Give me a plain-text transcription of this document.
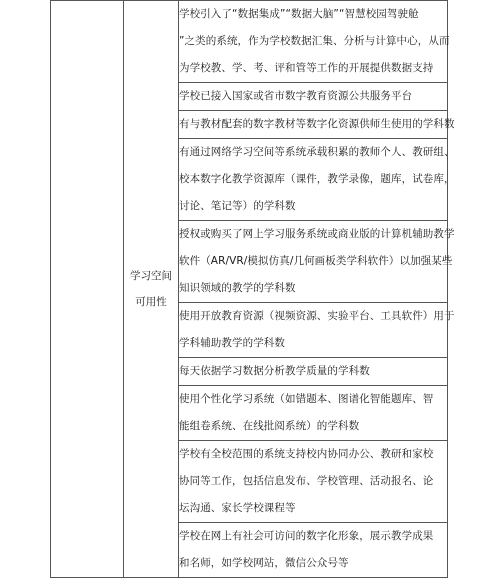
学习空间
可用性

学校引入了“数据集成”“数据大脑”“智慧校园驾驶舱
”之类的系统，作为学校数据汇集、分析与计算中心，从而
为学校教、学、考、评和管等工作的开展提供数据支持

学校已接入国家或省市数字教育资源公共服务平台

有与教材配套的数字教材等数字化资源供师生使用的学科数

有通过网络学习空间等系统承载积累的教师个人、教研组、
校本数字化教学资源库（课件，教学录像，题库，试卷库，
讨论、笔记等）的学科数

授权或购买了网上学习服务系统或商业版的计算机辅助教学
软件（AR/VR/模拟仿真/几何画板类学科软件）以加强某些
知识领域的教学的学科数

使用开放教育资源（视频资源、实验平台、工具软件）用于
学科辅助教学的学科数

每天依据学习数据分析教学质量的学科数

使用个性化学习系统（如错题本、图谱化智能题库、智
能组卷系统、在线批阅系统）的学科数

学校有全校范围的系统支持校内协同办公、教研和家校
协同等工作，包括信息发布、学校管理、活动报名、论
坛沟通、家长学校课程等

学校在网上有社会可访问的数字化形象，展示教学成果
和名师，如学校网站，微信公众号等
